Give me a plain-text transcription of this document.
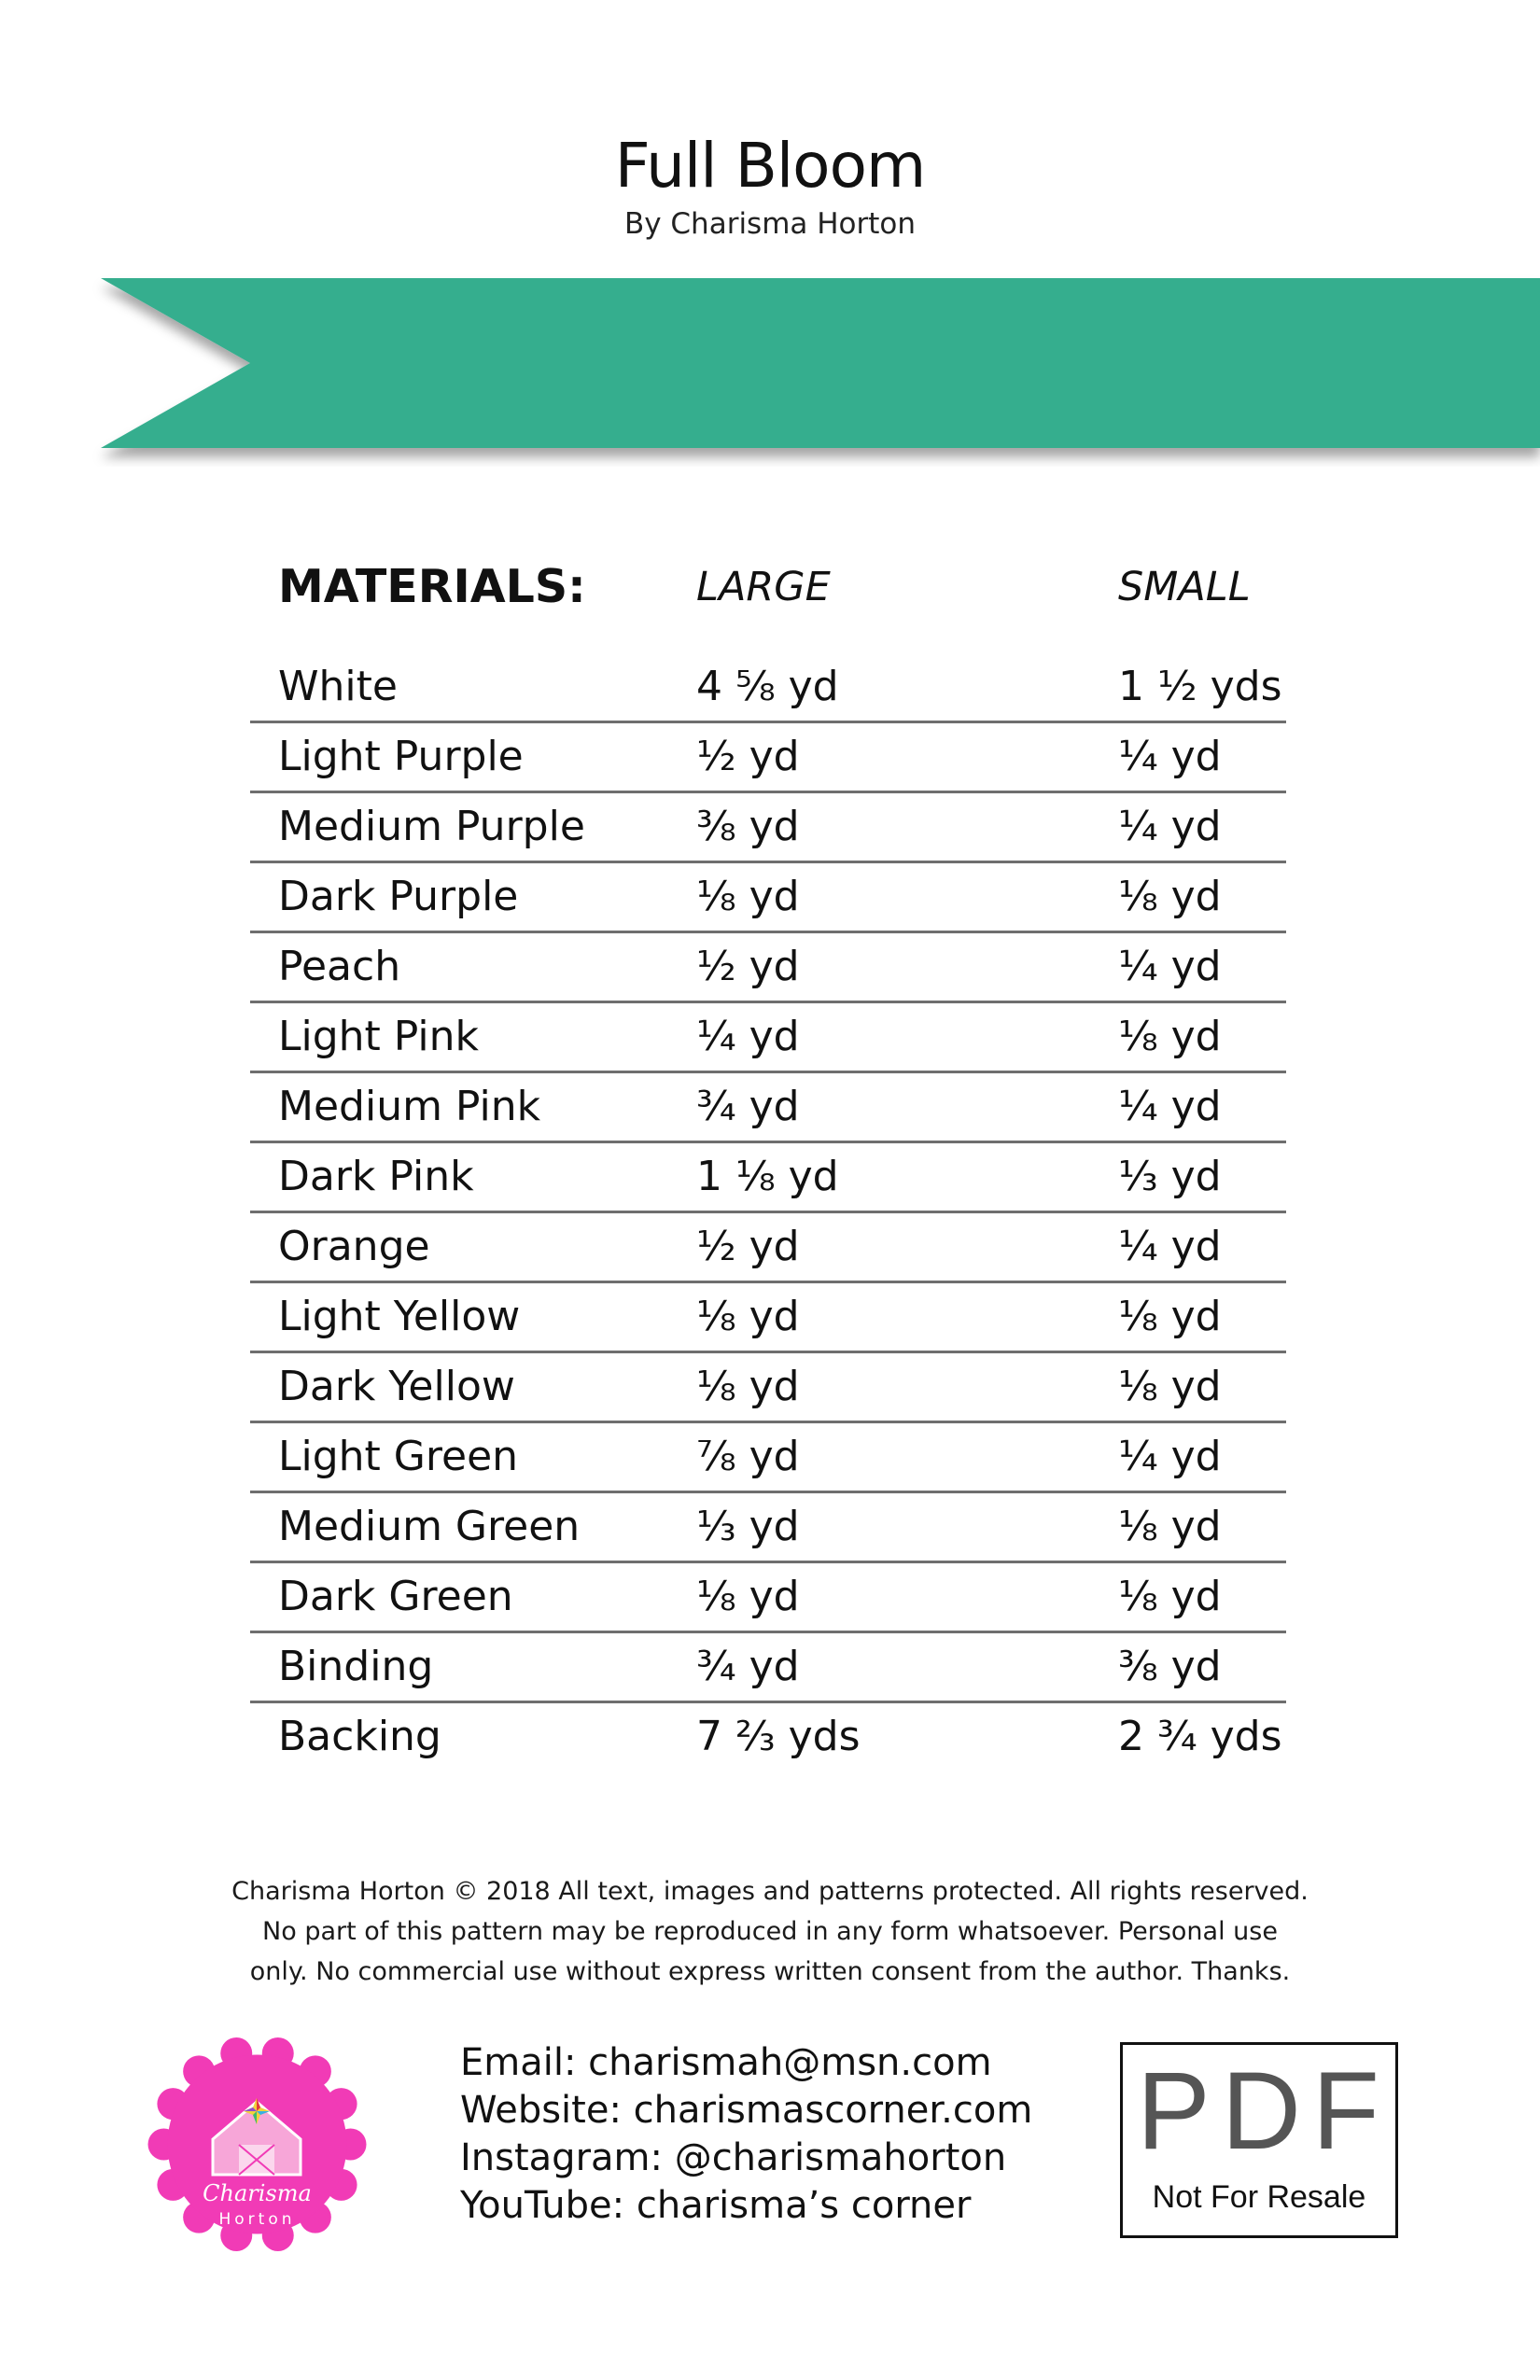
Full Bloom
By Charisma Horton
MATERIALS:	LARGE	SMALL
White	4 ⅝ yd	1 ½ yds
Light Purple	½ yd	¼ yd
Medium Purple	⅜ yd	¼ yd
Dark Purple	⅛ yd	⅛ yd
Peach	½ yd	¼ yd
Light Pink	¼ yd	⅛ yd
Medium Pink	¾ yd	¼ yd
Dark Pink	1 ⅛ yd	⅓ yd
Orange	½ yd	¼ yd
Light Yellow	⅛ yd	⅛ yd
Dark Yellow	⅛ yd	⅛ yd
Light Green	⅞ yd	¼ yd
Medium Green	⅓ yd	⅛ yd
Dark Green	⅛ yd	⅛ yd
Binding	¾ yd	⅜ yd
Backing	7 ⅔ yds	2 ¾ yds
Charisma Horton © 2018 All text, images and patterns protected. All rights reserved.
No part of this pattern may be reproduced in any form whatsoever. Personal use
only. No commercial use without express written consent from the author. Thanks.
Charisma
Horton
Email: charismah@msn.com
Website: charismascorner.com
Instagram: @charismahorton
YouTube: charisma’s corner
PDF
Not For Resale
